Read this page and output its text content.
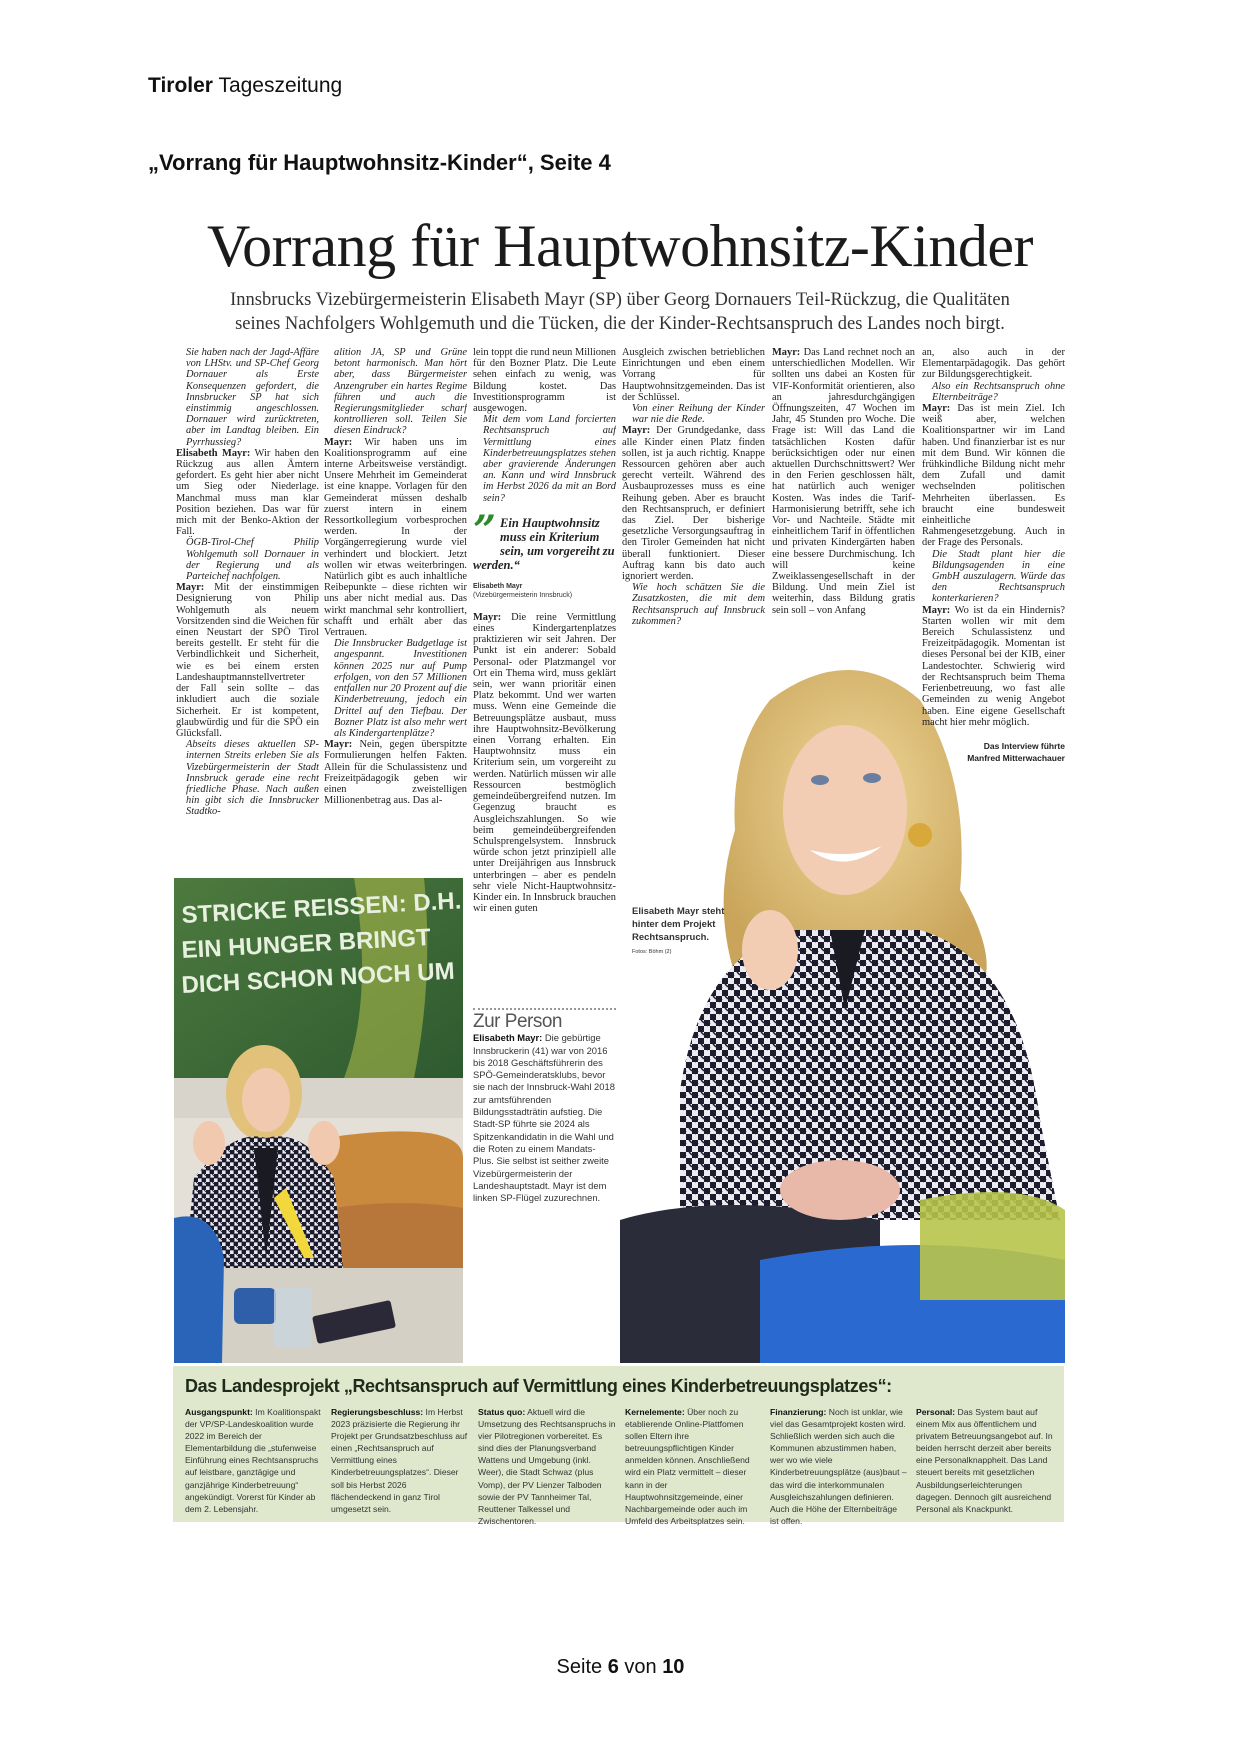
Tiroler Tageszeitung
„Vorrang für Hauptwohnsitz-Kinder“, Seite 4
Vorrang für Hauptwohnsitz-Kinder
Innsbrucks Vizebürgermeisterin Elisabeth Mayr (SP) über Georg Dornauers Teil-Rückzug, die Qualitäten
seines Nachfolgers Wohlgemuth und die Tücken, die der Kinder-Rechtsanspruch des Landes noch birgt.

Sie haben nach der Jagd-Affäre von LHStv. und SP-Chef Georg Dornauer als Erste Konsequenzen gefordert, die Innsbrucker SP hat sich einstimmig angeschlossen. Dornauer wird zurücktreten, aber im Landtag bleiben. Ein Pyrrhussieg?

Elisabeth Mayr: Wir haben den Rückzug aus allen Ämtern gefordert. Es geht hier aber nicht um Sieg oder Niederlage. Manchmal muss man klar Position beziehen. Das war für mich mit der Benko-Aktion der Fall.

ÖGB-Tirol-Chef Philip Wohlgemuth soll Dornauer in der Regierung und als Parteichef nachfolgen.

Mayr: Mit der einstimmigen Designierung von Philip Wohlgemuth als neuem Vorsitzenden sind die Weichen für einen Neustart der SPÖ Tirol bereits gestellt. Er steht für die Verbindlichkeit und Sicherheit, wie es bei einem ersten Landeshauptmannstellvertreter der Fall sein sollte – das inkludiert auch die soziale Sicherheit. Er ist kompetent, glaubwürdig und für die SPÖ ein Glücksfall.

Abseits dieses aktuellen SP-internen Streits erleben Sie als Vizebürgermeisterin der Stadt Innsbruck gerade eine recht friedliche Phase. Nach außen hin gibt sich die Innsbrucker Stadtko-

alition JA, SP und Grüne betont harmonisch. Man hört aber, dass Bürgermeister Anzengruber ein hartes Regime führen und auch die Regierungsmitglieder scharf kontrollieren soll. Teilen Sie diesen Eindruck?

Mayr: Wir haben uns im Koalitionsprogramm auf eine interne Arbeitsweise verständigt. Unsere Mehrheit im Gemeinderat ist eine knappe. Vorlagen für den Gemeinderat müssen deshalb zuerst intern in einem Ressortkollegium vorbesprochen werden. In der Vorgängerregierung wurde viel verhindert und blockiert. Jetzt wollen wir etwas weiterbringen. Natürlich gibt es auch inhaltliche Reibepunkte – diese richten wir uns aber nicht medial aus. Das wirkt manchmal sehr kontrolliert, schafft und erhält aber das Vertrauen.

Die Innsbrucker Budgetlage ist angespannt. Investitionen können 2025 nur auf Pump erfolgen, von den 57 Millionen entfallen nur 20 Prozent auf die Kinderbetreuung, jedoch ein Drittel auf den Tiefbau. Der Bozner Platz ist also mehr wert als Kindergartenplätze?

Mayr: Nein, gegen überspitzte Formulierungen helfen Fakten. Allein für die Schulassistenz und Freizeitpädagogik geben wir einen zweistelligen Millionenbetrag aus. Das al-

lein toppt die rund neun Millionen für den Bozner Platz. Die Leute sehen einfach zu wenig, was Bildung kostet. Das Investitionsprogramm ist ausgewogen.

Mit dem vom Land forcierten Rechtsanspruch auf Vermittlung eines Kinderbetreuungsplatzes stehen aber gravierende Änderungen an. Kann und wird Innsbruck im Herbst 2026 da mit an Bord sein?

” Ein Hauptwohnsitz muss ein Kriterium sein, um vorgereiht zu werden.“

Elisabeth Mayr
(Vizebürgermeisterin Innsbruck)

Mayr: Die reine Vermittlung eines Kindergartenplatzes praktizieren wir seit Jahren. Der Punkt ist ein anderer: Sobald Personal- oder Platzmangel vor Ort ein Thema wird, muss geklärt sein, wer wann prioritär einen Platz bekommt. Und wer warten muss. Wenn eine Gemeinde die Betreuungsplätze ausbaut, muss ihre Hauptwohnsitz-Bevölkerung einen Vorrang erhalten. Ein Hauptwohnsitz muss ein Kriterium sein, um vorgereiht zu werden. Natürlich müssen wir alle Ressourcen bestmöglich gemeindeübergreifend nutzen. Im Gegenzug braucht es Ausgleichszahlungen. So wie beim gemeindeübergreifenden Schulsprengelsystem. Innsbruck würde schon jetzt prinzipiell alle unter Dreijährigen aus Innsbruck unterbringen – aber es pendeln sehr viele Nicht-Hauptwohnsitz-Kinder ein. In Innsbruck brauchen wir einen guten

STRICKE REISSEN: D.H.
EIN HUNGER BRINGT
DICH SCHON NOCH UM
Zur Person
Elisabeth Mayr: Die gebürtige Innsbruckerin (41) war von 2016 bis 2018 Geschäftsführerin des SPÖ-Gemeinderatsklubs, bevor sie nach der Innsbruck-Wahl 2018 zur amtsführenden Bildungsstadträtin aufstieg. Die Stadt-SP führte sie 2024 als Spitzenkandidatin in die Wahl und die Roten zu einem Mandats-Plus. Sie selbst ist seither zweite Vizebürgermeisterin der Landeshauptstadt. Mayr ist dem linken SP-Flügel zuzurechnen.
Elisabeth Mayr steht hinter dem Projekt Rechtsanspruch.
Fotos: Böhm (2)

Ausgleich zwischen betrieblichen Einrichtungen und eben einem Vorrang für Hauptwohnsitzgemeinden. Das ist der Schlüssel.

Von einer Reihung der Kinder war nie die Rede.

Mayr: Der Grundgedanke, dass alle Kinder einen Platz finden sollen, ist ja auch richtig. Knappe Ressourcen gehören aber auch gerecht verteilt. Während des Ausbauprozesses muss es eine Reihung geben. Aber es braucht den Rechtsanspruch, er definiert das Ziel. Der bisherige gesetzliche Versorgungsauftrag in den Tiroler Gemeinden hat nicht überall funktioniert. Dieser Auftrag kann bis dato auch ignoriert werden.

Wie hoch schätzen Sie die Zusatzkosten, die mit dem Rechtsanspruch auf Innsbruck zukommen?

Mayr: Das Land rechnet noch an unterschiedlichen Modellen. Wir sollten uns dabei an Kosten für VIF-Konformität orientieren, also an jahresdurchgängigen Öffnungszeiten, 47 Wochen im Jahr, 45 Stunden pro Woche. Die Frage ist: Will das Land die tatsächlichen Kosten dafür berücksichtigen oder nur einen aktuellen Durchschnittswert? Wer in den Ferien geschlossen hält, hat natürlich auch weniger Kosten. Was indes die Tarif-Harmonisierung betrifft, sehe ich Vor- und Nachteile. Städte mit einheitlichem Tarif in öffentlichen und privaten Kindergärten haben eine bessere Durchmischung. Ich will keine Zweiklassengesellschaft in der Bildung. Und mein Ziel ist weiterhin, dass Bildung gratis sein soll – von Anfang

an, also auch in der Elementarpädagogik. Das gehört zur Bildungsgerechtigkeit.

Also ein Rechtsanspruch ohne Elternbeiträge?

Mayr: Das ist mein Ziel. Ich weiß aber, welchen Koalitionspartner wir im Land haben. Und finanzierbar ist es nur mit dem Bund. Wir können die frühkindliche Bildung nicht mehr dem Zufall und damit wechselnden politischen Mehrheiten überlassen. Es braucht eine bundesweit einheitliche Rahmengesetzgebung. Auch in der Frage des Personals.

Die Stadt plant hier die Bildungsagenden in eine GmbH auszulagern. Würde das den Rechtsanspruch konterkarieren?

Mayr: Wo ist da ein Hindernis? Starten wollen wir mit dem Bereich Schulassistenz und Freizeitpädagogik. Momentan ist dieses Personal bei der KIB, einer Landestochter. Schwierig wird der Rechtsanspruch beim Thema Ferienbetreuung, wo fast alle Gemeinden zu wenig Angebot haben. Eine eigene Gesellschaft macht hier mehr möglich.

Das Interview führte
Manfred Mitterwachauer

Das Landesprojekt „Rechtsanspruch auf Vermittlung eines Kinderbetreuungsplatzes“:
Ausgangspunkt: Im Koalitionspakt der VP/SP-Landeskoalition wurde 2022 im Bereich der Elementarbildung die „stufenweise Einführung eines Rechtsanspruchs auf leistbare, ganztägige und ganzjährige Kinderbetreuung“ angekündigt. Vorerst für Kinder ab dem 2. Lebensjahr.
Regierungsbeschluss: Im Herbst 2023 präzisierte die Regierung ihr Projekt per Grundsatzbeschluss auf einen „Rechtsanspruch auf Vermittlung eines Kinderbetreuungsplatzes“. Dieser soll bis Herbst 2026 flächendeckend in ganz Tirol umgesetzt sein.
Status quo: Aktuell wird die Umsetzung des Rechtsanspruchs in vier Pilotregionen vorbereitet. Es sind dies der Planungsverband Wattens und Umgebung (inkl. Weer), die Stadt Schwaz (plus Vomp), der PV Lienzer Talboden sowie der PV Tannheimer Tal, Reuttener Talkessel und Zwischentoren.
Kernelemente: Über noch zu etablierende Online-Plattfomen sollen Eltern ihre betreuungspflichtigen Kinder anmelden können. Anschließend wird ein Platz vermittelt – dieser kann in der Hauptwohnsitzgemeinde, einer Nachbargemeinde oder auch im Umfeld des Arbeitsplatzes sein.
Finanzierung: Noch ist unklar, wie viel das Gesamtprojekt kosten wird. Schließlich werden sich auch die Kommunen abzustimmen haben, wer wo wie viele Kinderbetreuungsplätze (aus)baut – das wird die interkommunalen Ausgleichszahlungen definieren. Auch die Höhe der Elternbeiträge ist offen.
Personal: Das System baut auf einem Mix aus öffentlichem und privatem Betreuungsangebot auf. In beiden herrscht derzeit aber bereits eine Personalknappheit. Das Land steuert bereits mit gesetzlichen Ausbildungserleichterungen dagegen. Dennoch gilt ausreichend Personal als Knackpunkt.
Seite 6 von 10
